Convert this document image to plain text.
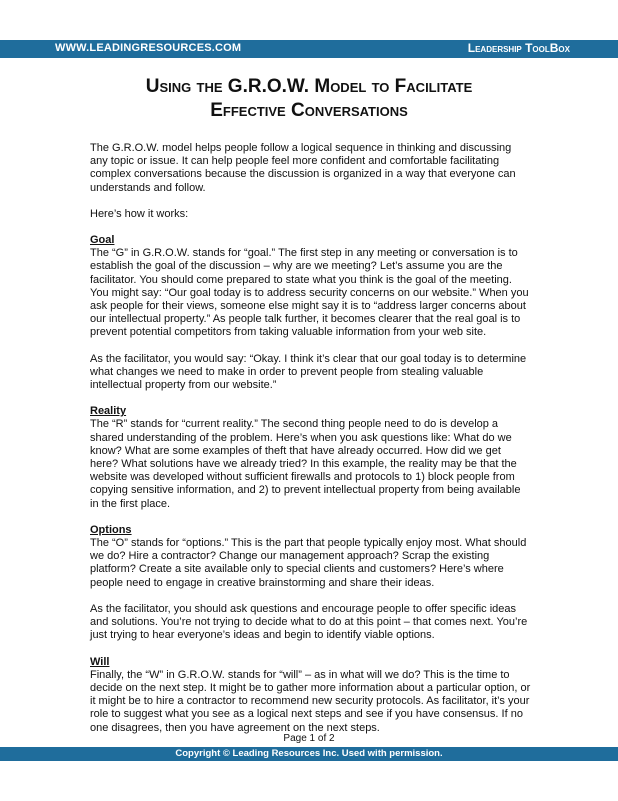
WWW.LEADINGRESOURCES.COM	Leadership ToolBox
Using the G.R.O.W. Model to Facilitate
Effective Conversations

The G.R.O.W. model helps people follow a logical sequence in thinking and discussing any topic or issue. It can help people feel more confident and comfortable facilitating complex conversations because the discussion is organized in a way that everyone can understands and follow.

Here’s how it works:

Goal

The “G” in G.R.O.W. stands for “goal.” The first step in any meeting or conversation is to establish the goal of the discussion – why are we meeting? Let’s assume you are the facilitator. You should come prepared to state what you think is the goal of the meeting. You might say: “Our goal today is to address security concerns on our website.” When you ask people for their views, someone else might say it is to “address larger concerns about our intellectual property.” As people talk further, it becomes clearer that the real goal is to prevent potential competitors from taking valuable information from your web site.

As the facilitator, you would say: “Okay. I think it’s clear that our goal today is to determine what changes we need to make in order to prevent people from stealing valuable intellectual property from our website.”

Reality

The “R” stands for “current reality.” The second thing people need to do is develop a shared understanding of the problem. Here’s when you ask questions like: What do we know? What are some examples of theft that have already occurred. How did we get here? What solutions have we already tried? In this example, the reality may be that the website was developed without sufficient firewalls and protocols to 1) block people from copying sensitive information, and 2) to prevent intellectual property from being available in the first place.

Options

The “O” stands for “options.” This is the part that people typically enjoy most. What should we do? Hire a contractor? Change our management approach? Scrap the existing platform? Create a site available only to special clients and customers? Here’s where people need to engage in creative brainstorming and share their ideas.

As the facilitator, you should ask questions and encourage people to offer specific ideas and solutions. You’re not trying to decide what to do at this point – that comes next. You’re just trying to hear everyone’s ideas and begin to identify viable options.

Will

Finally, the “W” in G.R.O.W. stands for “will” – as in what will we do? This is the time to decide on the next step. It might be to gather more information about a particular option, or it might be to hire a contractor to recommend new security protocols. As facilitator, it’s your role to suggest what you see as a logical next steps and see if you have consensus. If no one disagrees, then you have agreement on the next steps.

Page 1 of 2
Copyright © Leading Resources Inc. Used with permission.
